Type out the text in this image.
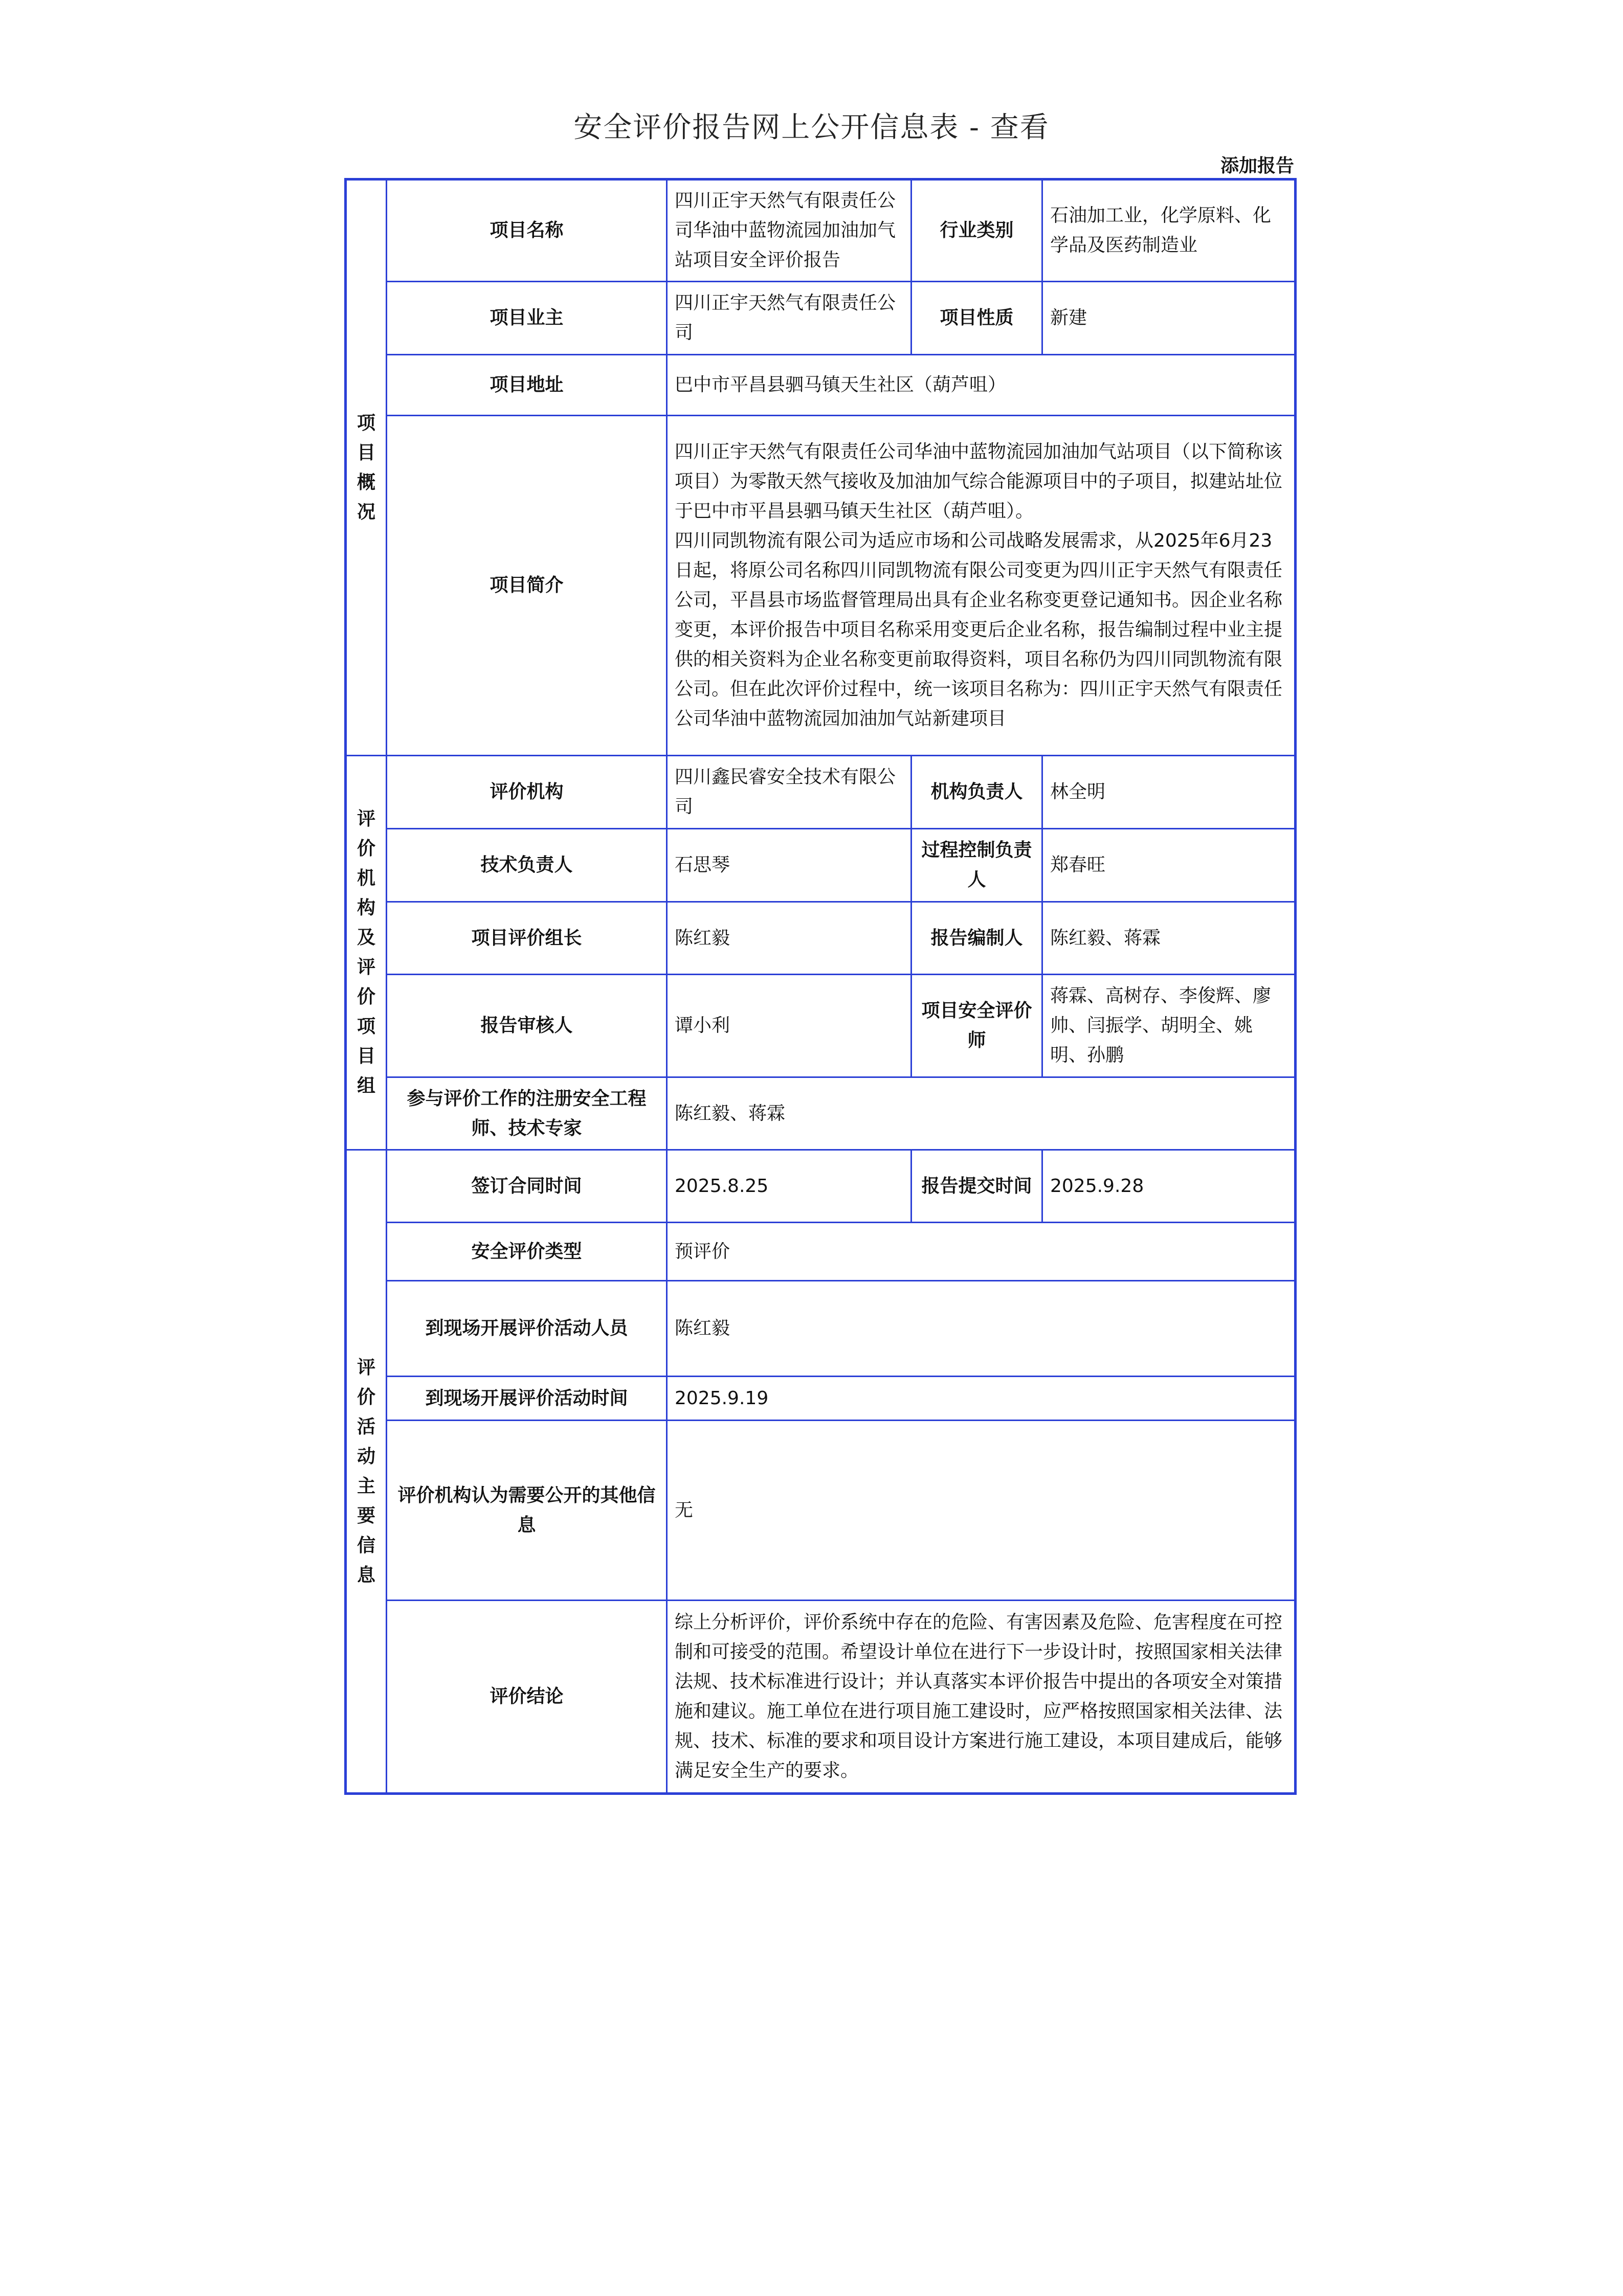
安全评价报告网上公开信息表 - 查看
添加报告
项目概况	项目名称	四川正宇天然气有限责任公司华油中蓝物流园加油加气站项目安全评价报告	行业类别	石油加工业，化学原料、化学品及医药制造业
	项目业主	四川正宇天然气有限责任公司	项目性质	新建
	项目地址	巴中市平昌县驷马镇天生社区（葫芦咀）		
	项目简介	四川正宇天然气有限责任公司华油中蓝物流园加油加气站项目（以下简称该项目）为零散天然气接收及加油加气综合能源项目中的子项目，拟建站址位于巴中市平昌县驷马镇天生社区（葫芦咀）。
四川同凯物流有限公司为适应市场和公司战略发展需求，从2025年6月23日起，将原公司名称四川同凯物流有限公司变更为四川正宇天然气有限责任公司，平昌县市场监督管理局出具有企业名称变更登记通知书。因企业名称变更，本评价报告中项目名称采用变更后企业名称，报告编制过程中业主提供的相关资料为企业名称变更前取得资料，项目名称仍为四川同凯物流有限公司。但在此次评价过程中，统一该项目名称为：四川正宇天然气有限责任公司华油中蓝物流园加油加气站新建项目		

评价机构及评价项目组	评价机构	四川鑫民睿安全技术有限公司	机构负责人	林全明
	技术负责人	石思琴	过程控制负责人	郑春旺
	项目评价组长	陈红毅	报告编制人	陈红毅、蒋霖
	报告审核人	谭小利	项目安全评价师	蒋霖、高树存、李俊辉、廖帅、闫振学、胡明全、姚明、孙鹏
	参与评价工作的注册安全工程师、技术专家	陈红毅、蒋霖		
评价活动主要信息	签订合同时间	2025.8.25	报告提交时间	2025.9.28
	安全评价类型	预评价		
	到现场开展评价活动人员	陈红毅		
	到现场开展评价活动时间	2025.9.19		
	评价机构认为需要公开的其他信息	无		
	评价结论	综上分析评价，评价系统中存在的危险、有害因素及危险、危害程度在可控制和可接受的范围。希望设计单位在进行下一步设计时，按照国家相关法律法规、技术标准进行设计；并认真落实本评价报告中提出的各项安全对策措施和建议。施工单位在进行项目施工建设时，应严格按照国家相关法律、法规、技术、标准的要求和项目设计方案进行施工建设，本项目建成后，能够满足安全生产的要求。		
